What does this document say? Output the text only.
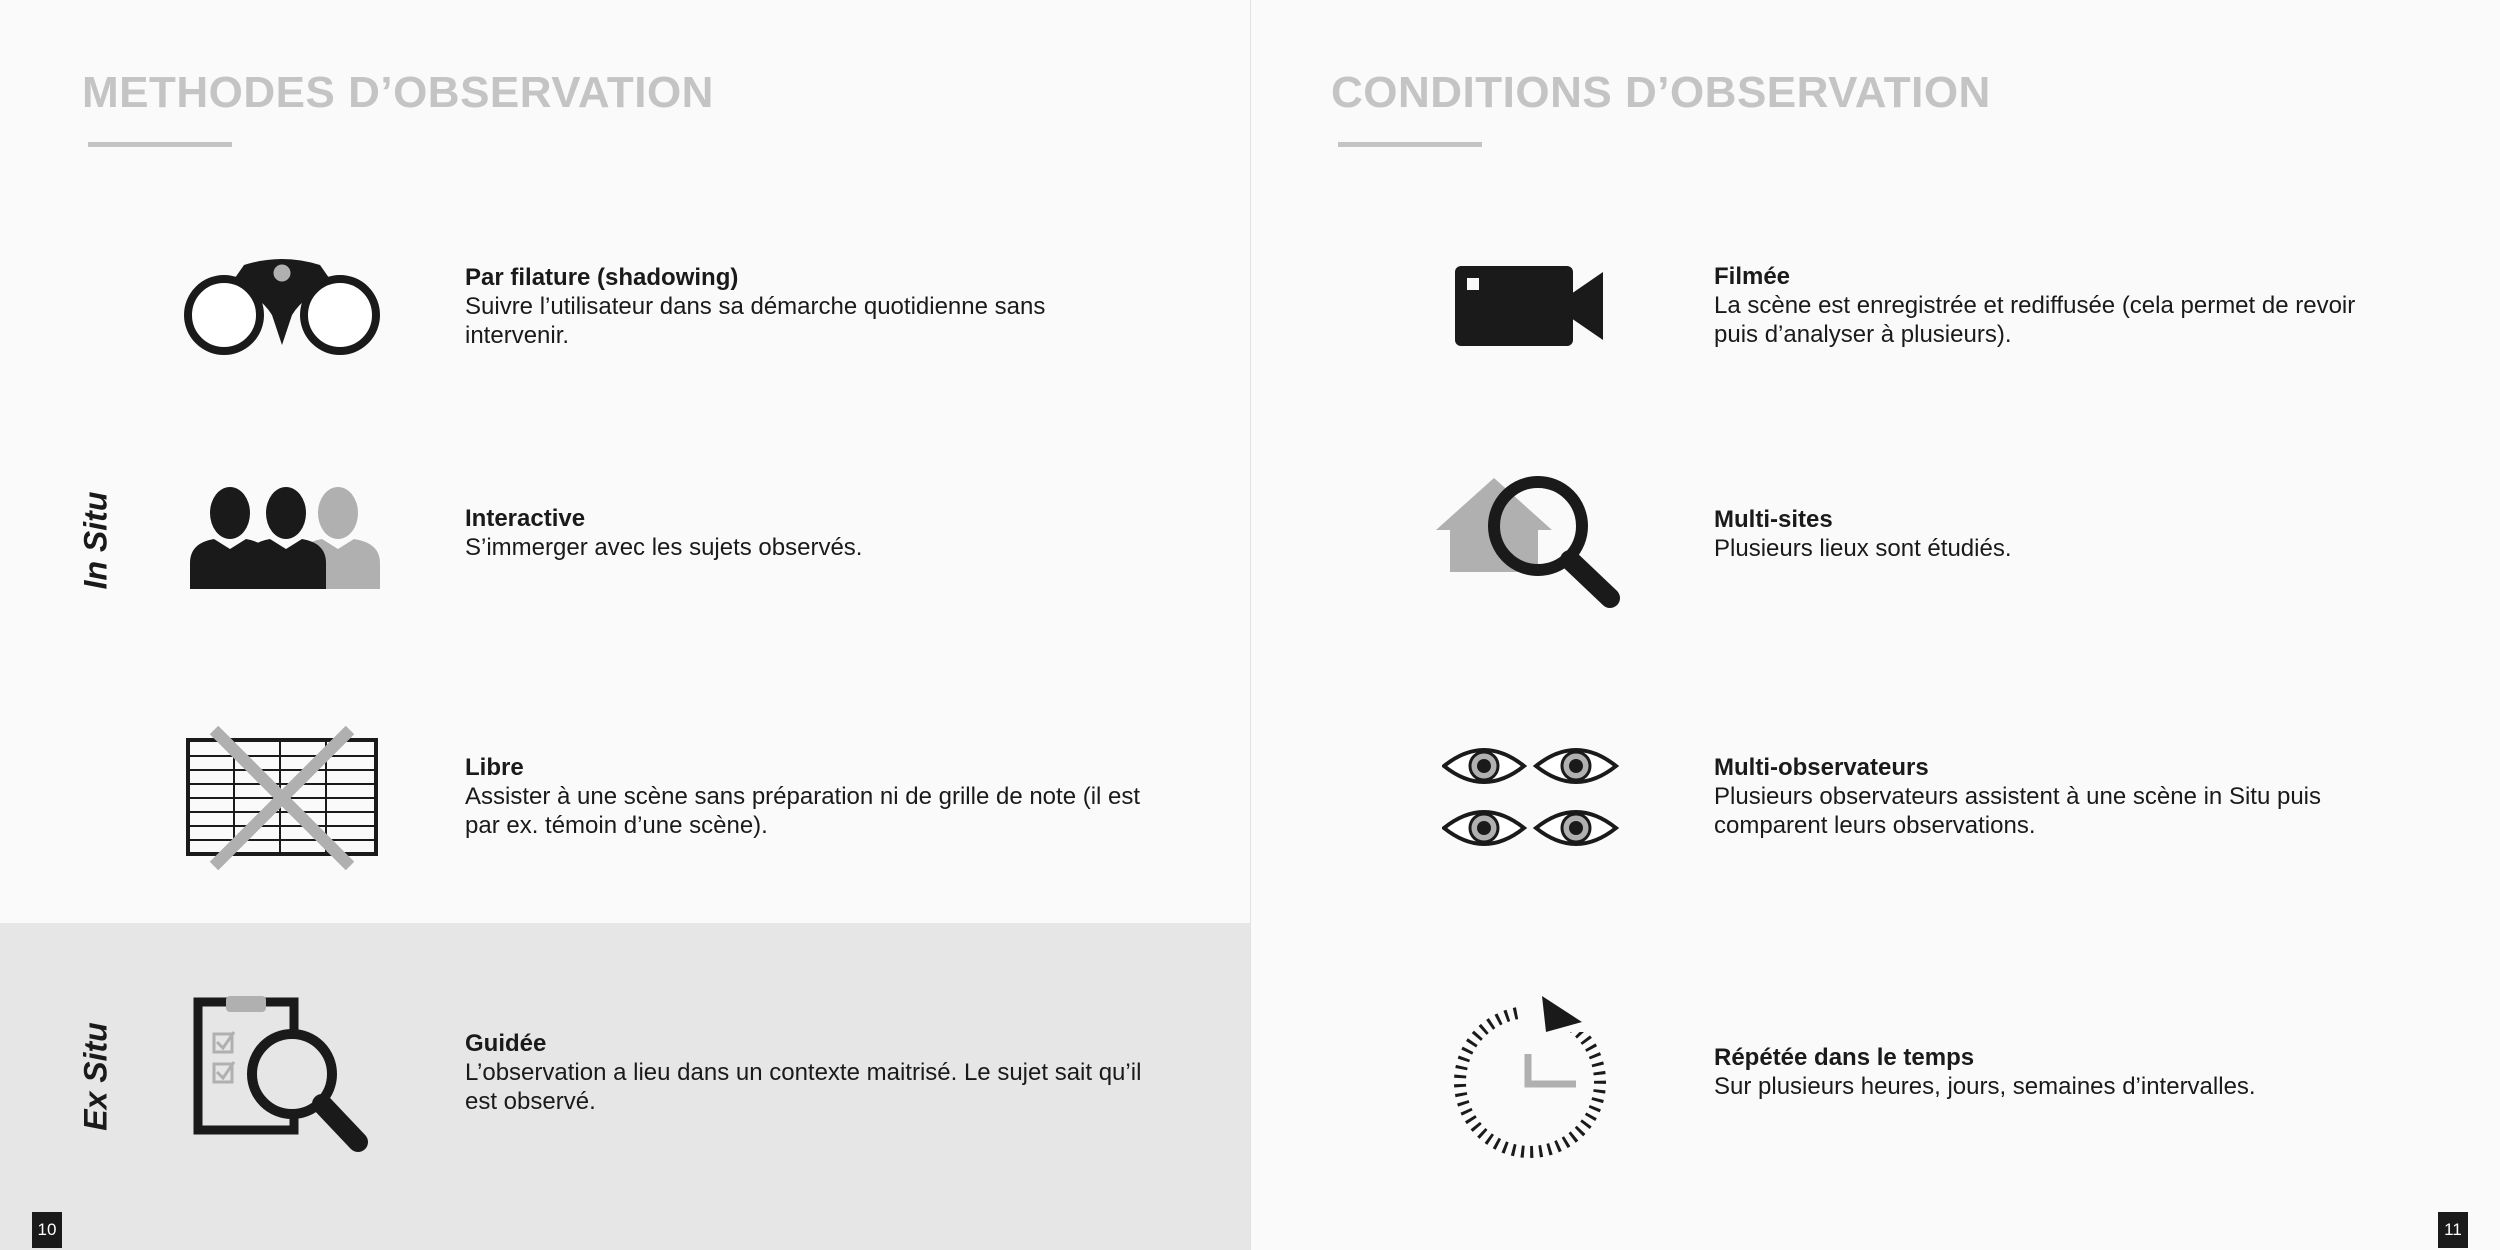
METHODES D’OBSERVATION
In Situ
Ex Situ
Par filature (shadowing)
Suivre l’utilisateur dans sa démarche quotidienne sans intervenir.
Interactive
S’immerger avec les sujets observés.
Libre
Assister à une scène sans préparation ni de grille de note (il est par ex. témoin d’une scène).
Guidée
L’observation a lieu dans un contexte maitrisé. Le sujet sait qu’il est observé.
10
CONDITIONS D’OBSERVATION
Filmée
La scène est enregistrée et rediffusée (cela permet de revoir puis d’analyser à plusieurs).
Multi-sites
Plusieurs lieux sont étudiés.
Multi-observateurs
Plusieurs observateurs assistent à une scène in Situ puis comparent leurs observations.
Répétée dans le temps
Sur plusieurs heures, jours, semaines d’intervalles.
11
